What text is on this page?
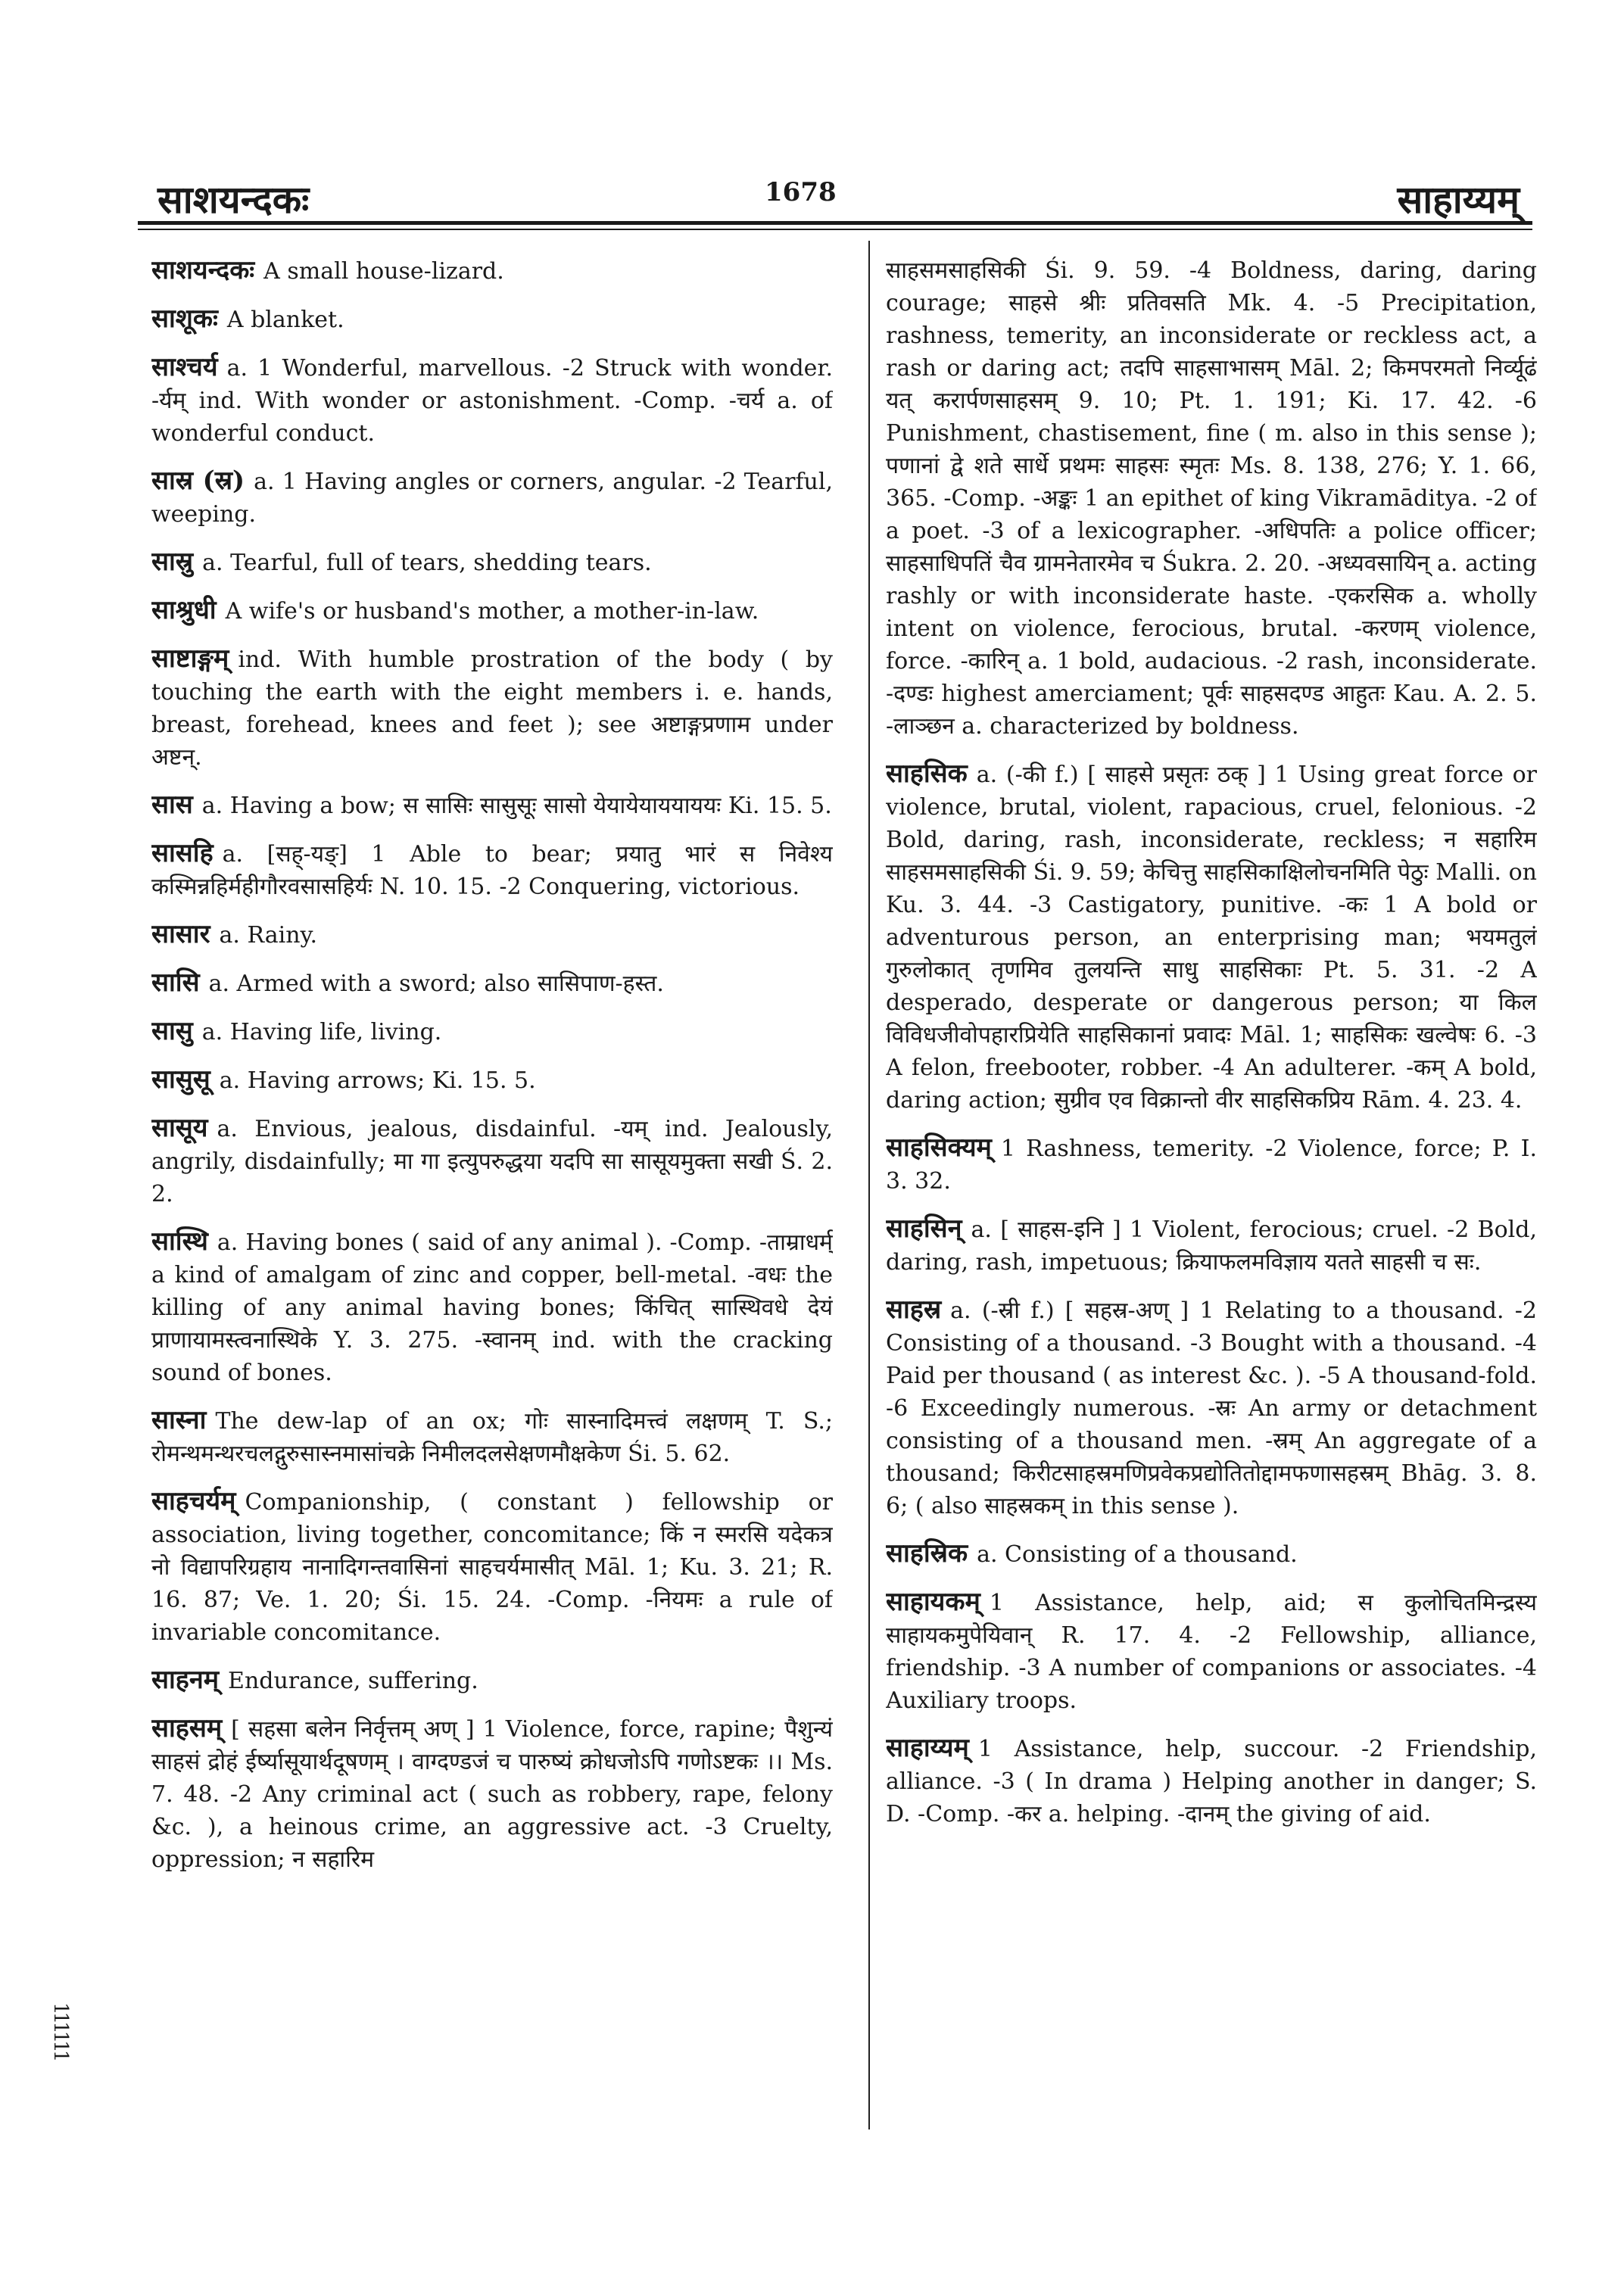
साशयन्दकः	1678	साहाय्यम्
साशयन्दकः A small house-lizard.
साशूकः A blanket.
साश्चर्य a. 1 Wonderful, marvellous. -2 Struck with wonder. -र्यम् ind. With wonder or astonishment. -Comp. -चर्य a. of wonderful conduct.
सास्र (स्र) a. 1 Having angles or corners, angular. -2 Tearful, weeping.
सास्रु a. Tearful, full of tears, shedding tears.
साश्रुधी A wife's or husband's mother, a mother-in-law.
साष्टाङ्गम् ind. With humble prostration of the body ( by touching the earth with the eight members i. e. hands, breast, forehead, knees and feet ); see अष्टाङ्गप्रणाम under अष्टन्.
सास a. Having a bow; स सासिः सासुसूः सासो येयायेयाययाययः Ki. 15. 5.
सासहि a. [सह्-यङ्] 1 Able to bear; प्रयातु भारं स निवेश्य कस्मिन्नहिर्महीगौरवसासहिर्यः N. 10. 15. -2 Conquering, victorious.
सासार a. Rainy.
सासि a. Armed with a sword; also सासिपाण-हस्त.
सासु a. Having life, living.
सासुसू a. Having arrows; Ki. 15. 5.
सासूय a. Envious, jealous, disdainful. -यम् ind. Jealously, angrily, disdainfully; मा गा इत्युपरुद्धया यदपि सा सासूयमुक्ता सखी Ś. 2. 2.
सास्थि a. Having bones ( said of any animal ). -Comp. -ताम्राधर्म् a kind of amalgam of zinc and copper, bell-metal. -वधः the killing of any animal having bones; किंचित् सास्थिवधे देयं प्राणायामस्त्वनास्थिके Y. 3. 275. -स्वानम् ind. with the cracking sound of bones.
सास्ना The dew-lap of an ox; गोः सास्नादिमत्त्वं लक्षणम् T. S.; रोमन्थमन्थरचलद्गुरुसास्नमासांचक्रे निमीलदलसेक्षणमौक्षकेण Śi. 5. 62.
साहचर्यम् Companionship, ( constant ) fellowship or association, living together, concomitance; किं न स्मरसि यदेकत्र नो विद्यापरिग्रहाय नानादिगन्तवासिनां साहचर्यमासीत् Māl. 1; Ku. 3. 21; R. 16. 87; Ve. 1. 20; Śi. 15. 24. -Comp. -नियमः a rule of invariable concomitance.
साहनम् Endurance, suffering.
साहसम् [ सहसा बलेन निर्वृत्तम् अण् ] 1 Violence, force, rapine; पैशुन्यं साहसं द्रोहं ईर्ष्यासूयार्थदूषणम् । वाग्दण्डजं च पारुष्यं क्रोधजोऽपि गणोऽष्टकः ।। Ms. 7. 48. -2 Any criminal act ( such as robbery, rape, felony &c. ), a heinous crime, an aggressive act. -3 Cruelty, oppression; न सहारिम
साहसमसाहसिकी Śi. 9. 59. -4 Boldness, daring, daring courage; साहसे श्रीः प्रतिवसति Mk. 4. -5 Precipitation, rashness, temerity, an inconsiderate or reckless act, a rash or daring act; तदपि साहसाभासम् Māl. 2; किमपरमतो निर्व्यूढं यत् करार्पणसाहसम् 9. 10; Pt. 1. 191; Ki. 17. 42. -6 Punishment, chastisement, fine ( m. also in this sense ); पणानां द्वे शते सार्धे प्रथमः साहसः स्मृतः Ms. 8. 138, 276; Y. 1. 66, 365. -Comp. -अङ्कः 1 an epithet of king Vikramāditya. -2 of a poet. -3 of a lexicographer. -अधिपतिः a police officer; साहसाधिपतिं चैव ग्रामनेतारमेव च Śukra. 2. 20. -अध्यवसायिन् a. acting rashly or with inconsiderate haste. -एकरसिक a. wholly intent on violence, ferocious, brutal. -करणम् violence, force. -कारिन् a. 1 bold, audacious. -2 rash, inconsiderate. -दण्डः highest amerciament; पूर्वः साहसदण्ड आहुतः Kau. A. 2. 5. -लाञ्छन a. characterized by boldness.
साहसिक a. (-की f.) [ साहसे प्रसृतः ठक् ] 1 Using great force or violence, brutal, violent, rapacious, cruel, felonious. -2 Bold, daring, rash, inconsiderate, reckless; न सहारिम साहसमसाहसिकी Śi. 9. 59; केचित्तु साहसिकाक्षिलोचनमिति पेठुः Malli. on Ku. 3. 44. -3 Castigatory, punitive. -कः 1 A bold or adventurous person, an enterprising man; भयमतुलं गुरुलोकात् तृणमिव तुलयन्ति साधु साहसिकाः Pt. 5. 31. -2 A desperado, desperate or dangerous person; या किल विविधजीवोपहारप्रियेति साहसिकानां प्रवादः Māl. 1; साहसिकः खल्वेषः 6. -3 A felon, freebooter, robber. -4 An adulterer. -कम् A bold, daring action; सुग्रीव एव विक्रान्तो वीर साहसिकप्रिय Rām. 4. 23. 4.
साहसिक्यम् 1 Rashness, temerity. -2 Violence, force; P. I. 3. 32.
साहसिन् a. [ साहस-इनि ] 1 Violent, ferocious; cruel. -2 Bold, daring, rash, impetuous; क्रियाफलमविज्ञाय यतते साहसी च सः.
साहस्र a. (-स्री f.) [ सहस्र-अण् ] 1 Relating to a thousand. -2 Consisting of a thousand. -3 Bought with a thousand. -4 Paid per thousand ( as interest &c. ). -5 A thousand-fold. -6 Exceedingly numerous. -स्रः An army or detachment consisting of a thousand men. -स्रम् An aggregate of a thousand; किरीटसाहस्रमणिप्रवेकप्रद्योतितोद्दामफणासहस्रम् Bhāg. 3. 8. 6; ( also साहस्रकम् in this sense ).
साहस्रिक a. Consisting of a thousand.
साहायकम् 1 Assistance, help, aid; स कुलोचितमिन्द्रस्य साहायकमुपेयिवान् R. 17. 4. -2 Fellowship, alliance, friendship. -3 A number of companions or associates. -4 Auxiliary troops.
साहाय्यम् 1 Assistance, help, succour. -2 Friendship, alliance. -3 ( In drama ) Helping another in danger; S. D. -Comp. -कर a. helping. -दानम् the giving of aid.
111111
